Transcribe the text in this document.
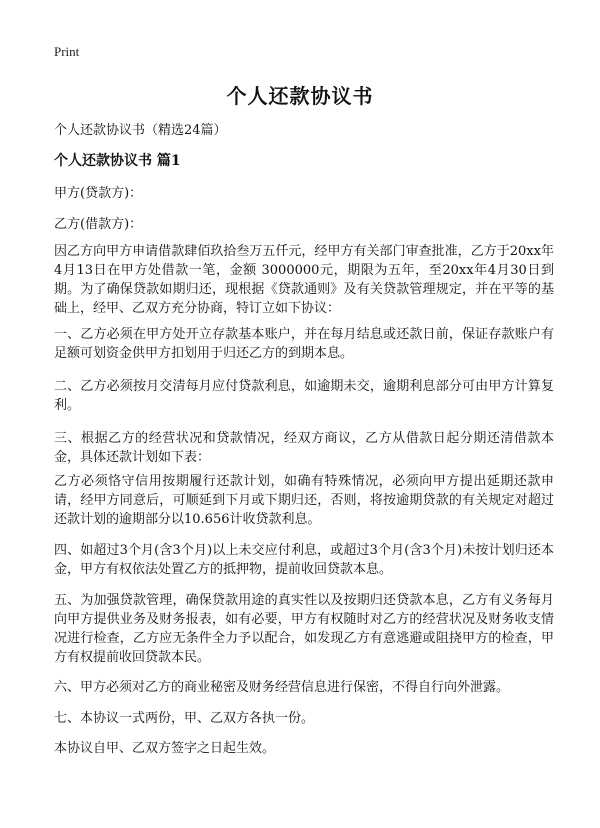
Print
个人还款协议书
个人还款协议书（精选24篇）
个人还款协议书 篇1
甲方(贷款方)：
乙方(借款方)：
因乙方向甲方申请借款肆佰玖拾叁万五仟元，经甲方有关部门审查批准，乙方于20xx年4月13日在甲方处借款一笔，金额 3000000元，期限为五年，至20xx年4月30日到期。为了确保贷款如期归还，现根据《贷款通则》及有关贷款管理规定，并在平等的基础上，经甲、乙双方充分协商，特订立如下协议：
一、乙方必须在甲方处开立存款基本账户，并在每月结息或还款日前，保证存款账户有足额可划资金供甲方扣划用于归还乙方的到期本息。
二、乙方必须按月交清每月应付贷款利息，如逾期未交，逾期利息部分可由甲方计算复利。
三、根据乙方的经营状况和贷款情况，经双方商议，乙方从借款日起分期还清借款本金，具体还款计划如下表：
乙方必须恪守信用按期履行还款计划，如确有特殊情况，必须向甲方提出延期还款申请，经甲方同意后，可顺延到下月或下期归还，否则，将按逾期贷款的有关规定对超过还款计划的逾期部分以10.656计收贷款利息。
四、如超过3个月(含3个月)以上未交应付利息，或超过3个月(含3个月)未按计划归还本金，甲方有权依法处置乙方的抵押物，提前收回贷款本息。
五、为加强贷款管理，确保贷款用途的真实性以及按期归还贷款本息，乙方有义务每月向甲方提供业务及财务报表，如有必要，甲方有权随时对乙方的经营状况及财务收支情况进行检查，乙方应无条件全力予以配合，如发现乙方有意逃避或阻挠甲方的检查，甲方有权提前收回贷款本民。
六、甲方必须对乙方的商业秘密及财务经营信息进行保密，不得自行向外泄露。
七、本协议一式两份，甲、乙双方各执一份。
本协议自甲、乙双方签字之日起生效。
